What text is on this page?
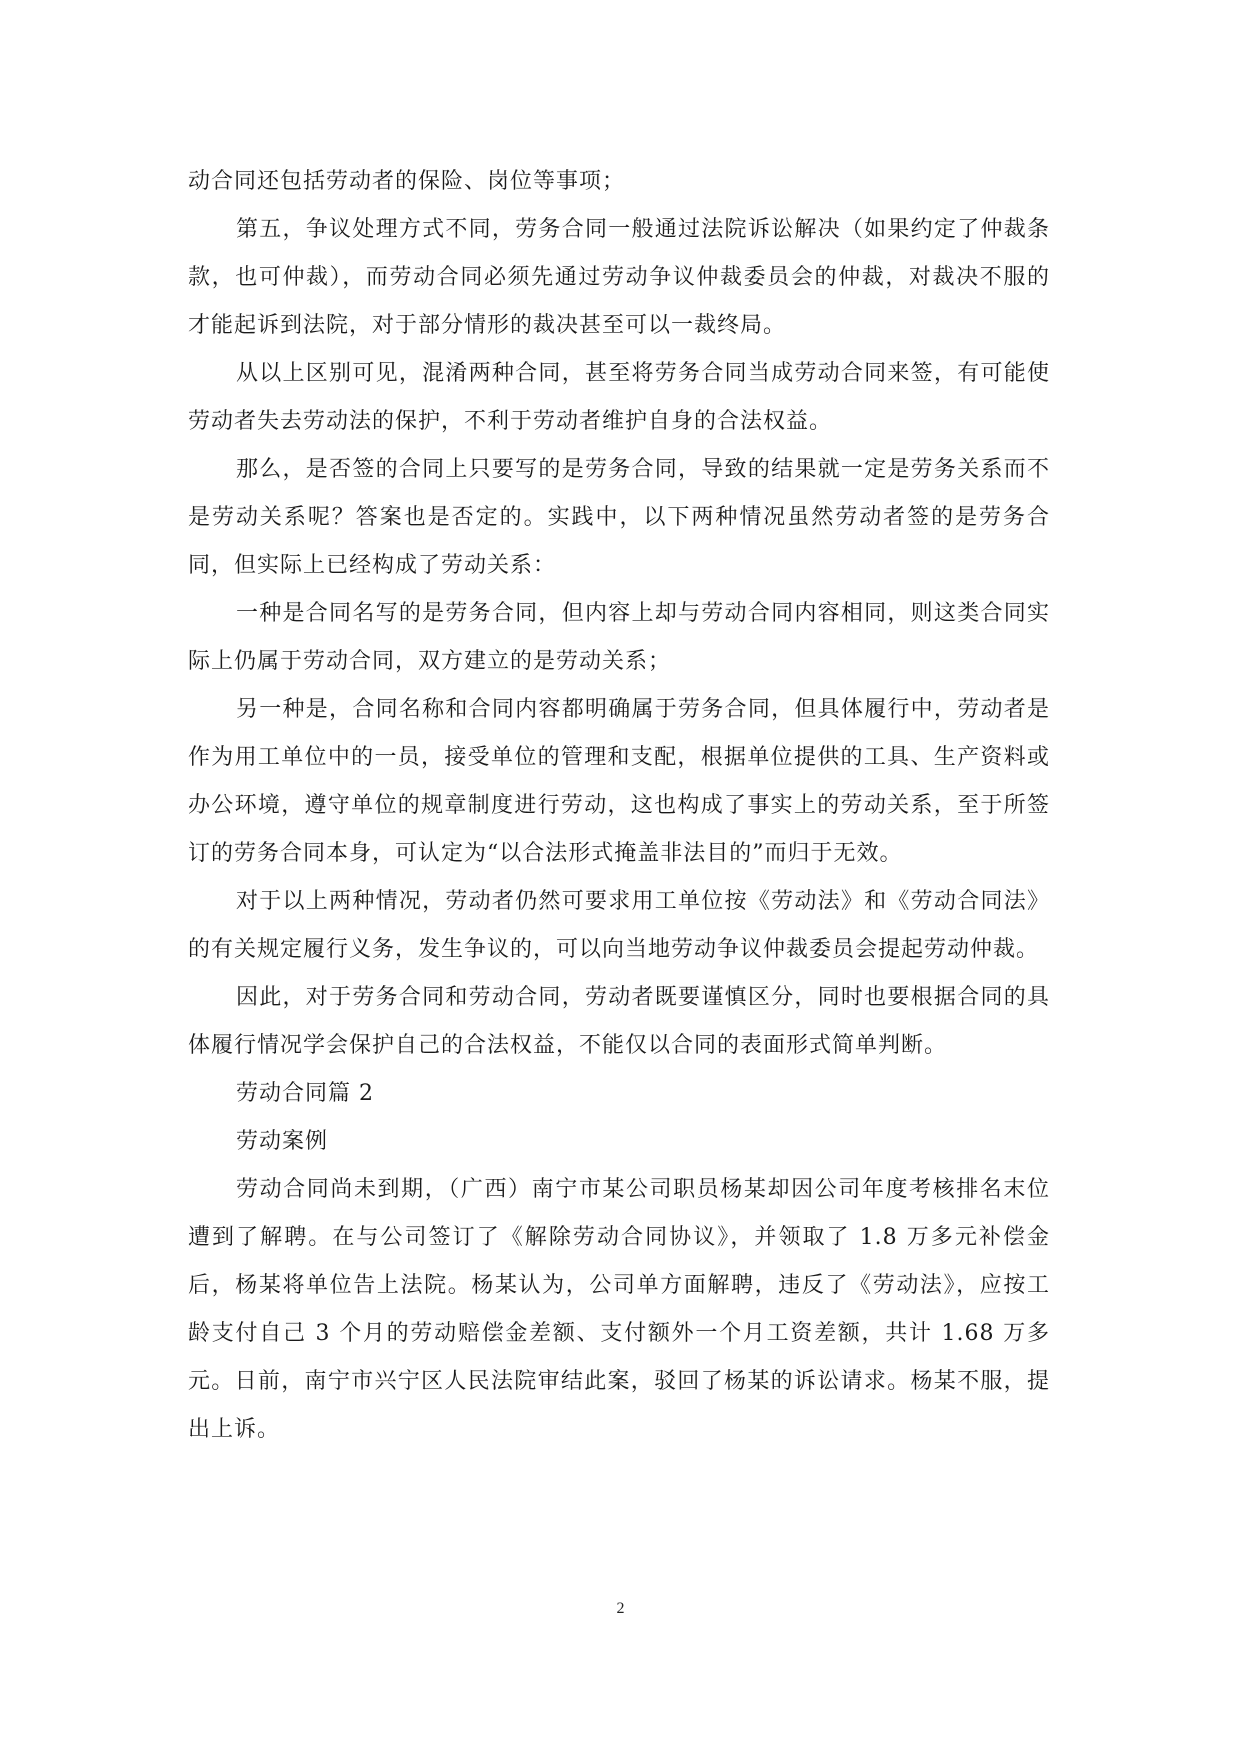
动合同还包括劳动者的保险、岗位等事项；

第五，争议处理方式不同，劳务合同一般通过法院诉讼解决（如果约定了仲裁条款，也可仲裁），而劳动合同必须先通过劳动争议仲裁委员会的仲裁，对裁决不服的才能起诉到法院，对于部分情形的裁决甚至可以一裁终局。

从以上区别可见，混淆两种合同，甚至将劳务合同当成劳动合同来签，有可能使劳动者失去劳动法的保护，不利于劳动者维护自身的合法权益。

那么，是否签的合同上只要写的是劳务合同，导致的结果就一定是劳务关系而不是劳动关系呢？答案也是否定的。实践中，以下两种情况虽然劳动者签的是劳务合同，但实际上已经构成了劳动关系：

一种是合同名写的是劳务合同，但内容上却与劳动合同内容相同，则这类合同实际上仍属于劳动合同，双方建立的是劳动关系；

另一种是，合同名称和合同内容都明确属于劳务合同，但具体履行中，劳动者是作为用工单位中的一员，接受单位的管理和支配，根据单位提供的工具、生产资料或办公环境，遵守单位的规章制度进行劳动，这也构成了事实上的劳动关系，至于所签订的劳务合同本身，可认定为“以合法形式掩盖非法目的”而归于无效。

对于以上两种情况，劳动者仍然可要求用工单位按《劳动法》和《劳动合同法》的有关规定履行义务，发生争议的，可以向当地劳动争议仲裁委员会提起劳动仲裁。

因此，对于劳务合同和劳动合同，劳动者既要谨慎区分，同时也要根据合同的具体履行情况学会保护自己的合法权益，不能仅以合同的表面形式简单判断。

劳动合同篇 2

劳动案例

劳动合同尚未到期，（广西）南宁市某公司职员杨某却因公司年度考核排名末位遭到了解聘。在与公司签订了《解除劳动合同协议》，并领取了 1.8 万多元补偿金后，杨某将单位告上法院。杨某认为，公司单方面解聘，违反了《劳动法》，应按工龄支付自己 3 个月的劳动赔偿金差额、支付额外一个月工资差额，共计 1.68 万多元。日前，南宁市兴宁区人民法院审结此案，驳回了杨某的诉讼请求。杨某不服，提出上诉。

2
